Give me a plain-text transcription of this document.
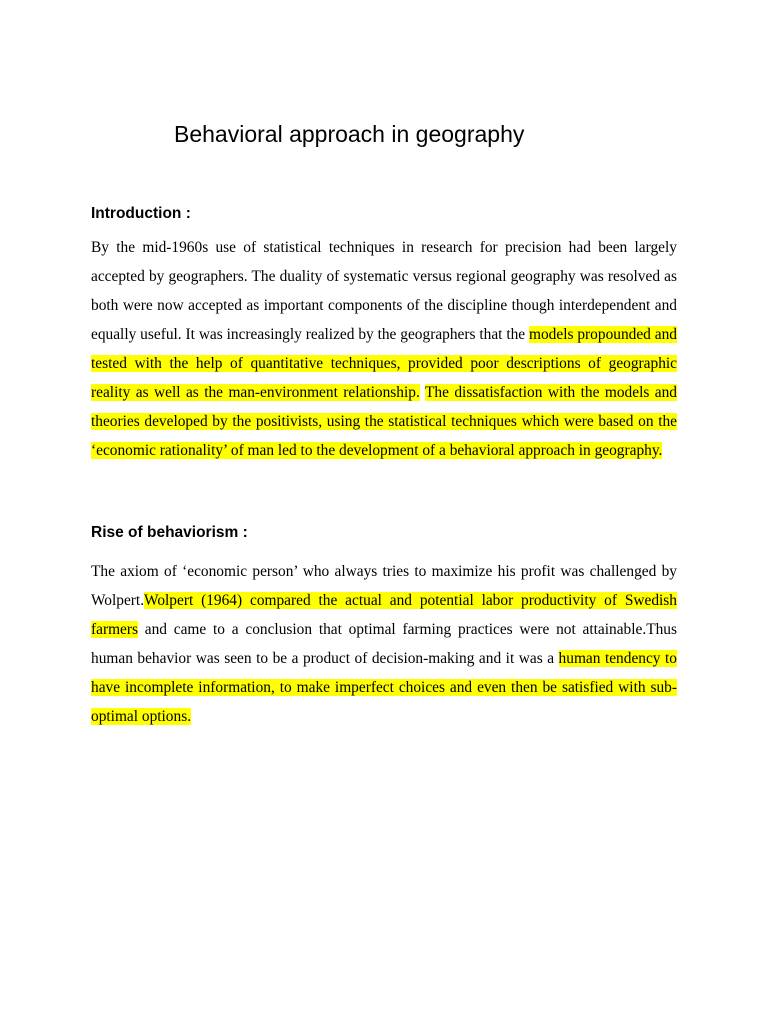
Behavioral approach in geography
Introduction :

By the mid-1960s use of statistical techniques in research for precision had been largely accepted by geographers. The duality of systematic versus regional geography was resolved as both were now accepted as important components of the discipline though interdependent and equally useful. It was increasingly realized by the geographers that the models propounded and tested with the help of quantitative techniques, provided poor descriptions of geographic reality as well as the man-environment relationship. The dissatisfaction with the models and theories developed by the positivists, using the statistical techniques which were based on the ‘economic rationality’ of man led to the development of a behavioral approach in geography.

Rise of behaviorism :

The axiom of ‘economic person’ who always tries to maximize his profit was challenged by Wolpert.Wolpert (1964) compared the actual and potential labor productivity of Swedish farmers and came to a conclusion that optimal farming practices were not attainable.Thus human behavior was seen to be a product of decision-making and it was a human tendency to have incomplete information, to make imperfect choices and even then be satisfied with sub-optimal options.
